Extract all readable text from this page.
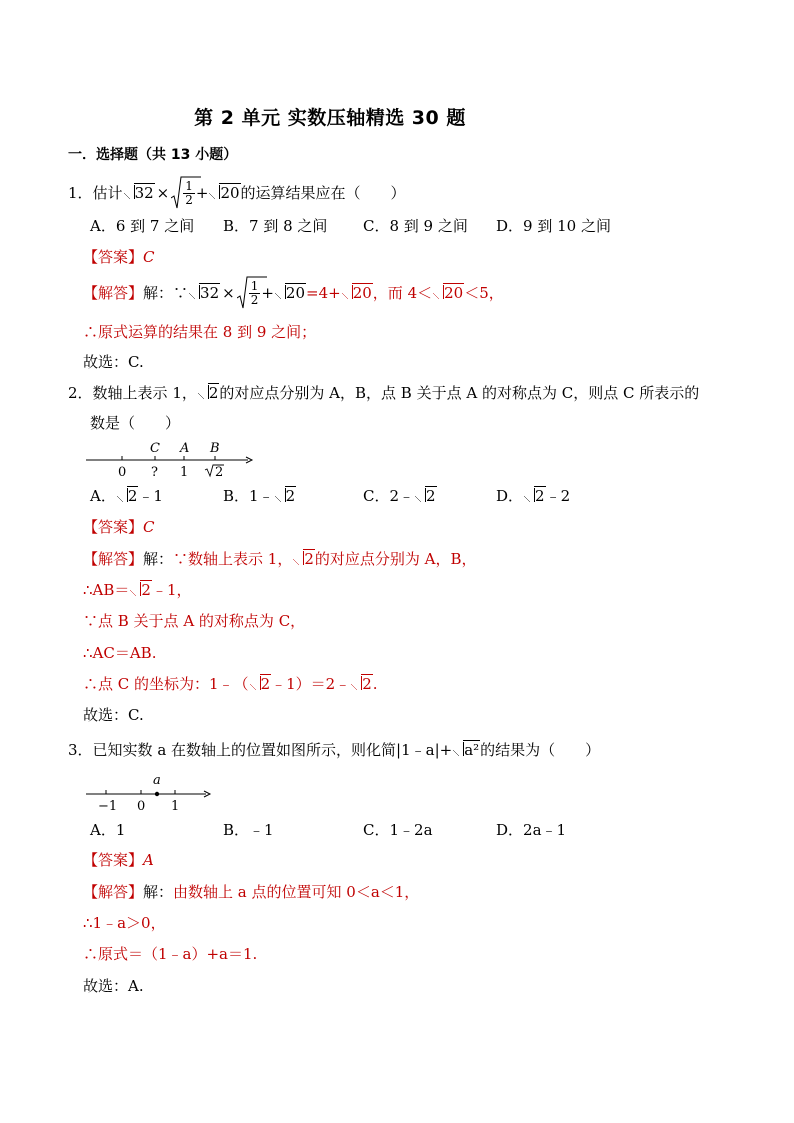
第 2 单元 实数压轴精选 30 题
一．选择题（共 13 小题）
1． 估计 $32 \times \frac{1}{2} + 20$ 的运算结果应在（　　）
A．6 到 7 之间 B．7 到 8 之间 C．8 到 9 之间 D．9 到 10 之间
【答案】C
【解答】 解：∵ $32 \times \frac{1}{2} + 20 =4+ 20$ ，而 4＜ 20 ＜5，
∴原式运算的结果在 8 到 9 之间；
故选：C.
2．数轴上表示 1， 2的对应点分别为 A，B，点 B 关于点 A 的对称点为 C，则点 C 所表示的
数是（　　）
C A B
0 ? 1 2
A． 2﹣1	B．1﹣ 2	C．2﹣ 2	D． 2﹣2
【答案】C
【解答】解：∵数轴上表示 1， 2的对应点分别为 A，B，
∴AB＝ 2﹣1，
∵点 B 关于点 A 的对称点为 C，
∴AC＝AB.
∴点 C 的坐标为：1﹣（ 2﹣1）＝2﹣ 2.
故选：C.
3．已知实数 a 在数轴上的位置如图所示，则化简|1﹣a|+ a²的结果为（　　）
a
−1 0 1
A．1	B．﹣1	C．1﹣2a	D．2a﹣1
【答案】A
【解答】解：由数轴上 a 点的位置可知 0＜a＜1，
∴1﹣a＞0，
∴原式＝（1﹣a）+a＝1.
故选：A.
